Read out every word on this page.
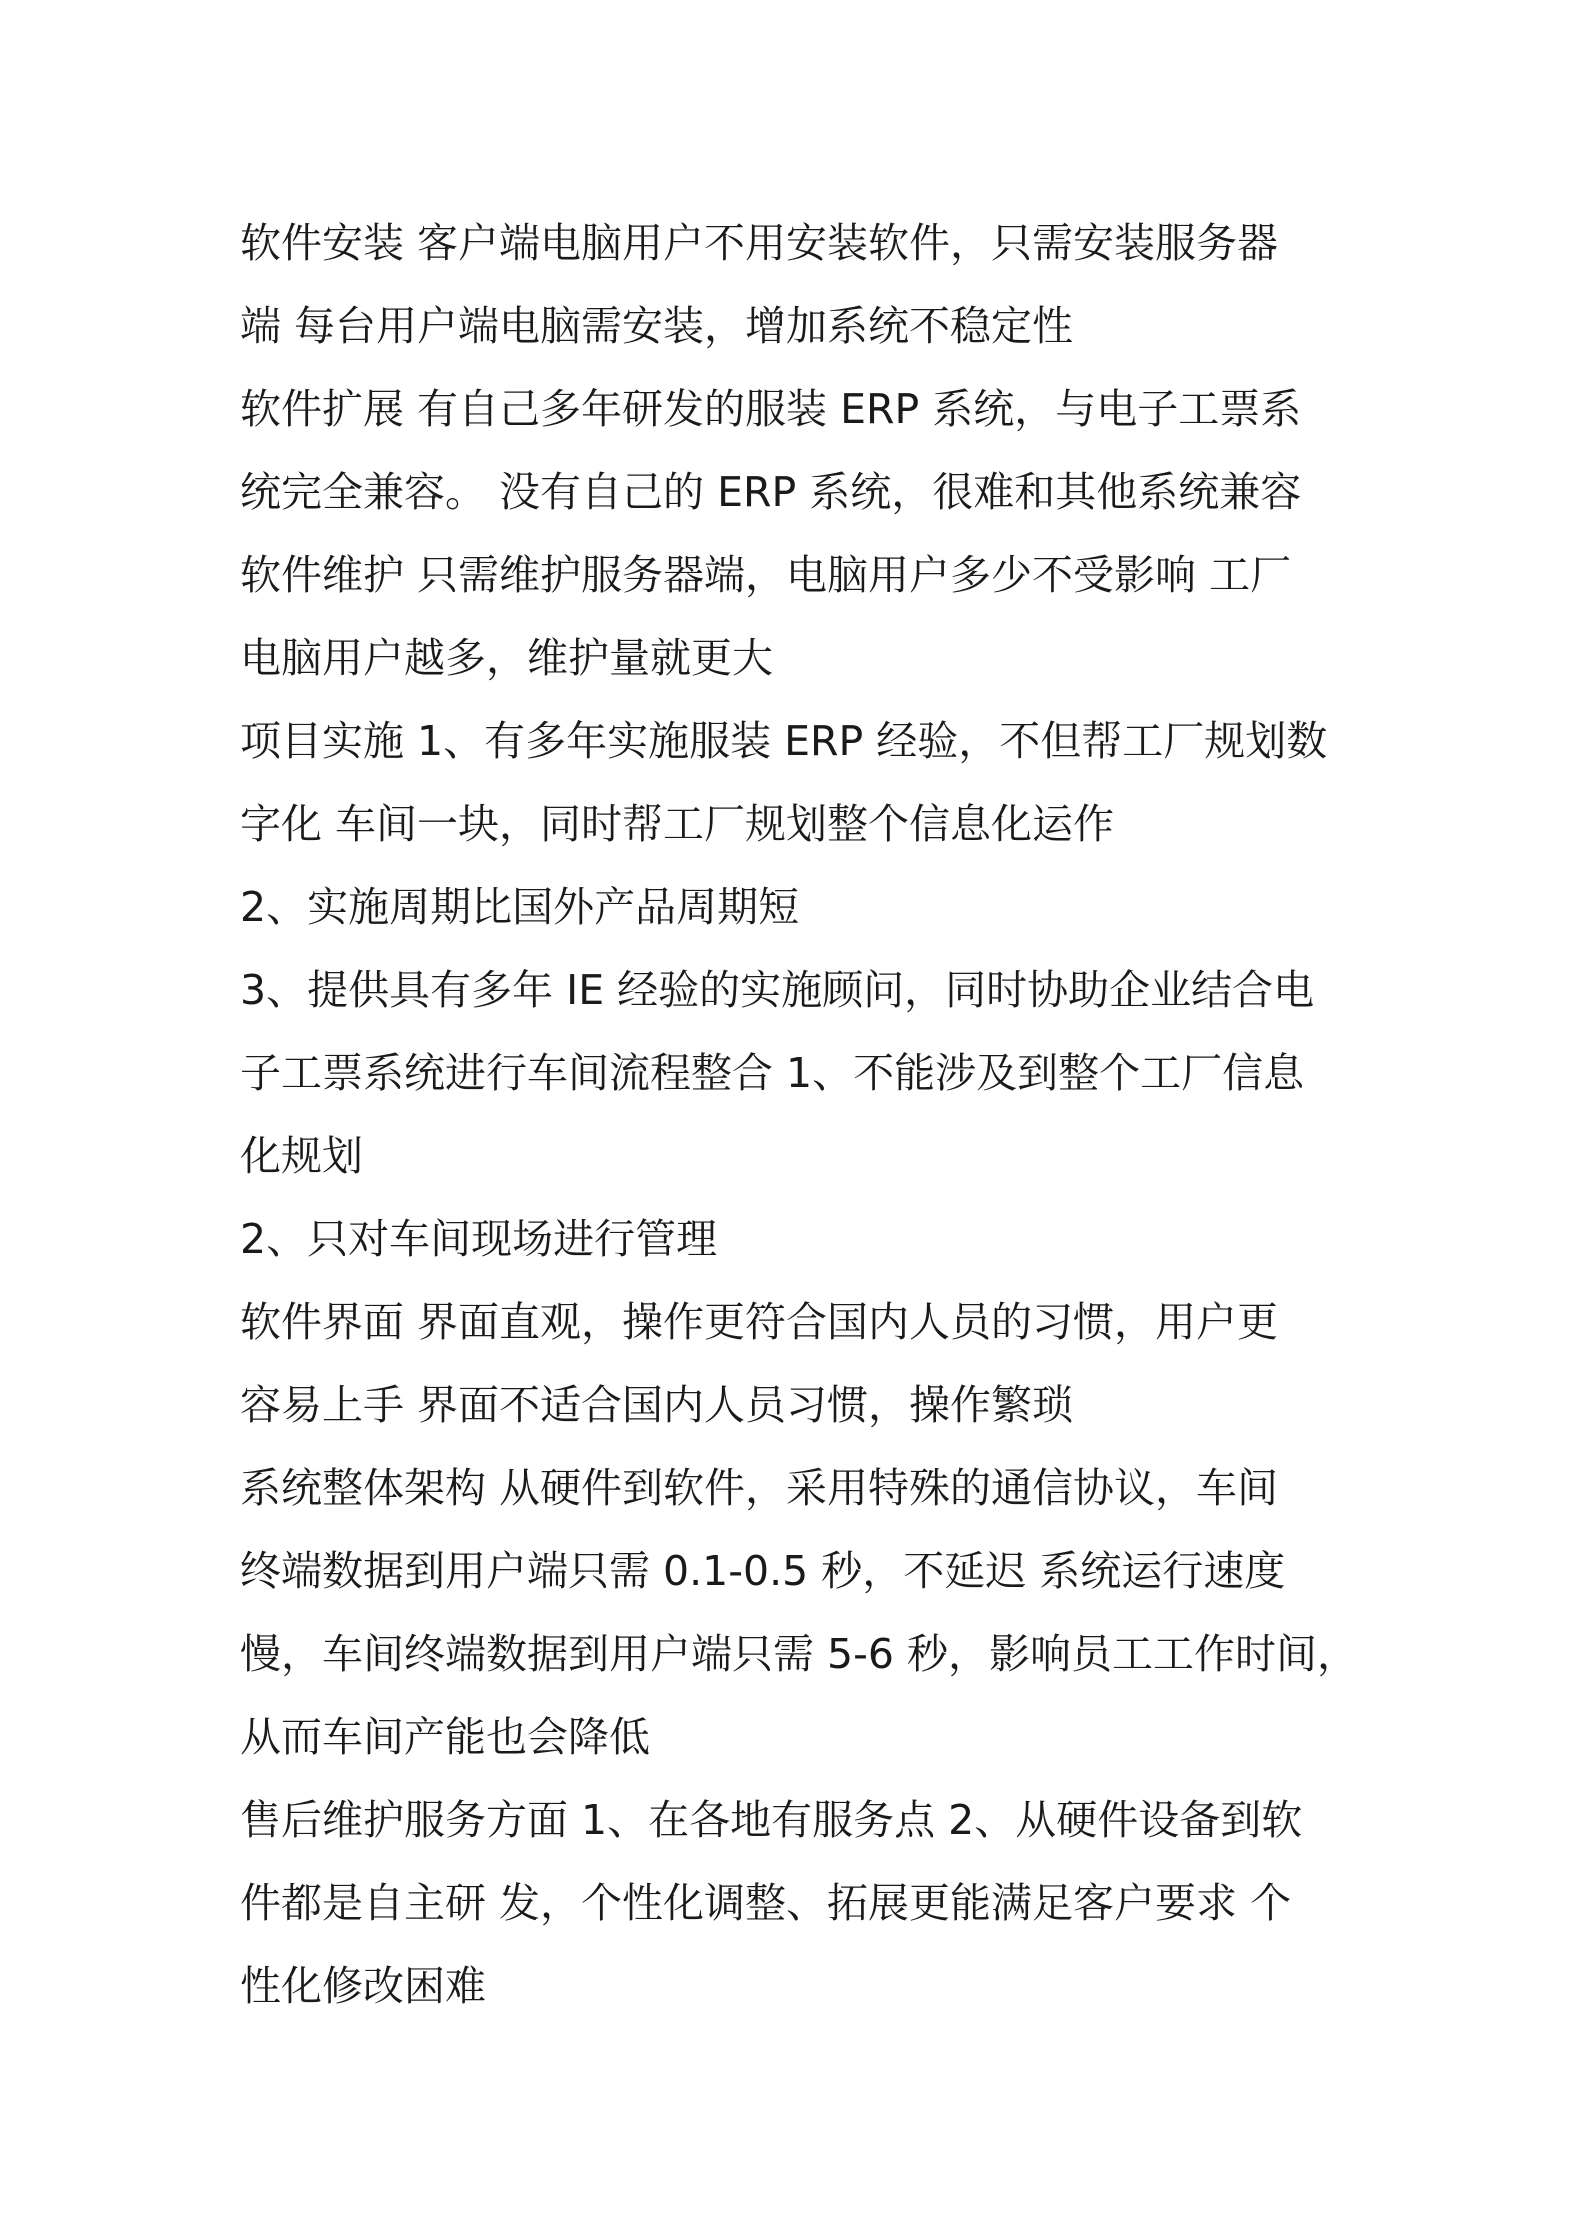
软件安装 客户端电脑用户不用安装软件，只需安装服务器
端 每台用户端电脑需安装，增加系统不稳定性
软件扩展 有自己多年研发的服装 ERP 系统，与电子工票系
统完全兼容。 没有自己的 ERP 系统，很难和其他系统兼容
软件维护 只需维护服务器端，电脑用户多少不受影响 工厂
电脑用户越多，维护量就更大
项目实施 1、有多年实施服装 ERP 经验，不但帮工厂规划数
字化 车间一块，同时帮工厂规划整个信息化运作
2、实施周期比国外产品周期短
3、提供具有多年 IE 经验的实施顾问，同时协助企业结合电
子工票系统进行车间流程整合 1、不能涉及到整个工厂信息
化规划
2、只对车间现场进行管理
软件界面 界面直观，操作更符合国内人员的习惯，用户更
容易上手 界面不适合国内人员习惯，操作繁琐
系统整体架构 从硬件到软件，采用特殊的通信协议，车间
终端数据到用户端只需 0.1-0.5 秒，不延迟 系统运行速度
慢，车间终端数据到用户端只需 5-6 秒，影响员工工作时间，
从而车间产能也会降低
售后维护服务方面 1、在各地有服务点 2、从硬件设备到软
件都是自主研 发，个性化调整、拓展更能满足客户要求 个
性化修改困难
